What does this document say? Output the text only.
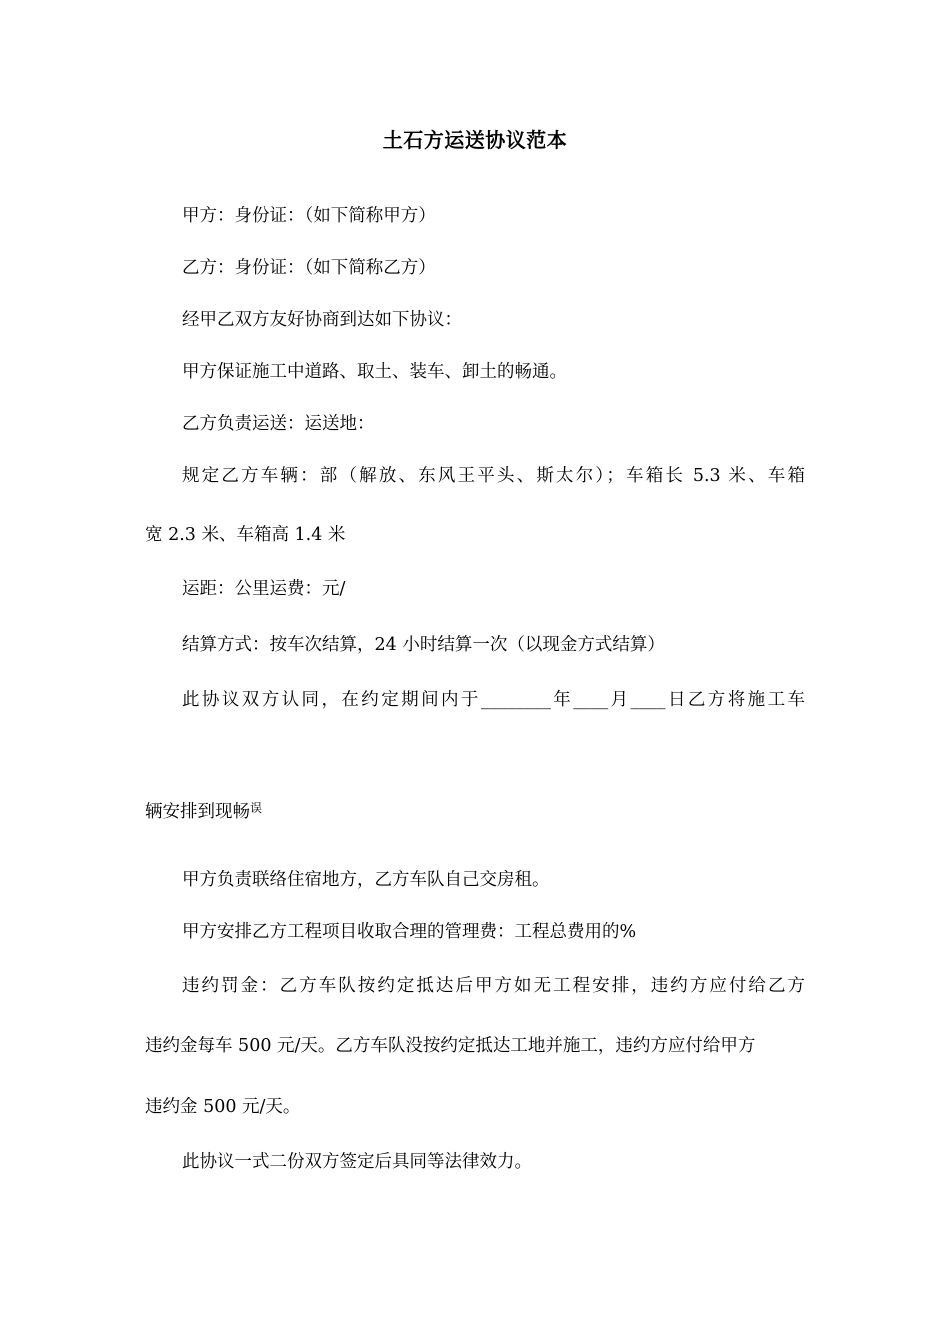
土石方运送协议范本
甲方：身份证：（如下简称甲方）
乙方：身份证：（如下简称乙方）
经甲乙双方友好协商到达如下协议：
甲方保证施工中道路、取土、装车、卸土的畅通。
乙方负责运送：运送地：
规定乙方车辆：部（解放、东风王平头、斯太尔）；车箱长 5.3 米、车箱
宽 2.3 米、车箱高 1.4 米
运距：公里运费：元/
结算方式：按车次结算，24 小时结算一次（以现金方式结算）
此协议双方认同，在约定期间内于________年____月____日乙方将施工车
辆安排到现畅$^误$
甲方负责联络住宿地方，乙方车队自己交房租。
甲方安排乙方工程项目收取合理的管理费：工程总费用的%
违约罚金：乙方车队按约定抵达后甲方如无工程安排，违约方应付给乙方
违约金每车 500 元/天。乙方车队没按约定抵达工地并施工，违约方应付给甲方
违约金 500 元/天。
此协议一式二份双方签定后具同等法律效力。
